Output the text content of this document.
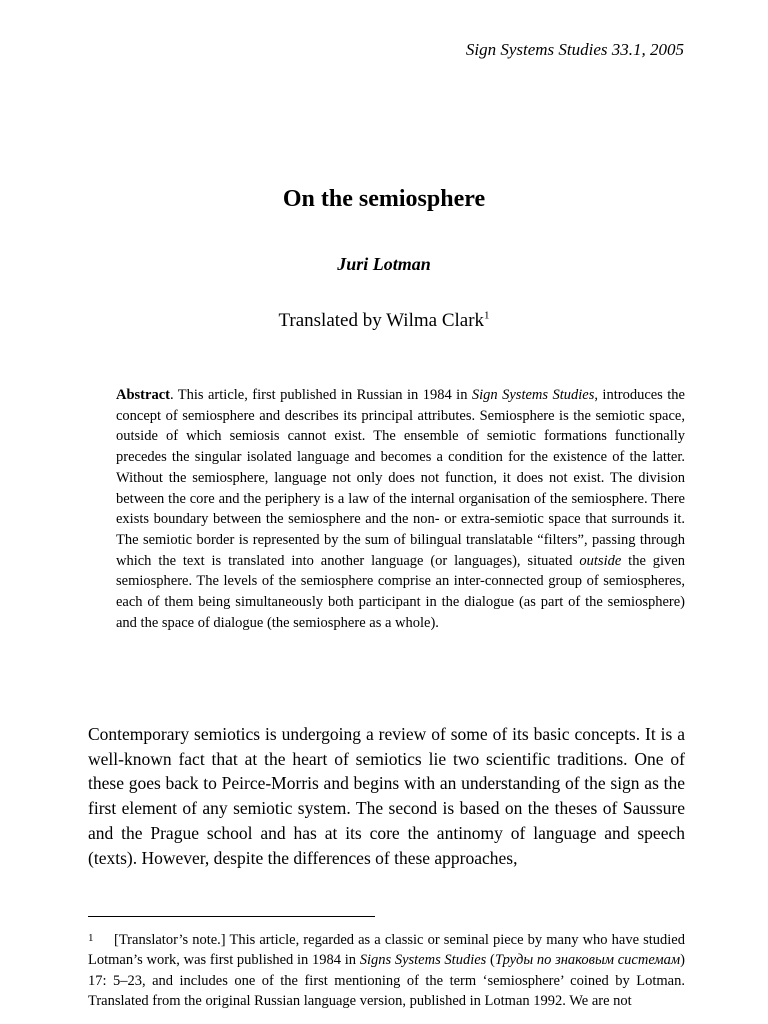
Sign Systems Studies 33.1, 2005
On the semiosphere
Juri Lotman
Translated by Wilma Clark$^1$

Abstract. This article, first published in Russian in 1984 in Sign Systems Studies, introduces the concept of semiosphere and describes its principal attributes. Semiosphere is the semiotic space, outside of which semiosis cannot exist. The ensemble of semiotic formations functionally precedes the singular isolated language and becomes a condition for the existence of the latter. Without the semiosphere, language not only does not function, it does not exist. The division between the core and the periphery is a law of the internal organisation of the semiosphere. There exists boundary between the semiosphere and the non- or extra-semiotic space that surrounds it. The semiotic border is represented by the sum of bilingual translatable “filters”, passing through which the text is translated into another language (or languages), situated outside the given semiosphere. The levels of the semiosphere comprise an inter-connected group of semiospheres, each of them being simultaneously both participant in the dialogue (as part of the semiosphere) and the space of dialogue (the semiosphere as a whole).

Contemporary semiotics is undergoing a review of some of its basic concepts. It is a well-known fact that at the heart of semiotics lie two scientific traditions. One of these goes back to Peirce-Morris and begins with an understanding of the sign as the first element of any semiotic system. The second is based on the theses of Saussure and the Prague school and has at its core the antinomy of language and speech (texts). However, despite the differences of these approaches,

1 [Translator’s note.] This article, regarded as a classic or seminal piece by many who have studied Lotman’s work, was first published in 1984 in Signs Systems Studies (Труды по знаковым системам) 17: 5–23, and includes one of the first mentioning of the term ‘semiosphere’ coined by Lotman. Translated from the original Russian language version, published in Lotman 1992. We are not
